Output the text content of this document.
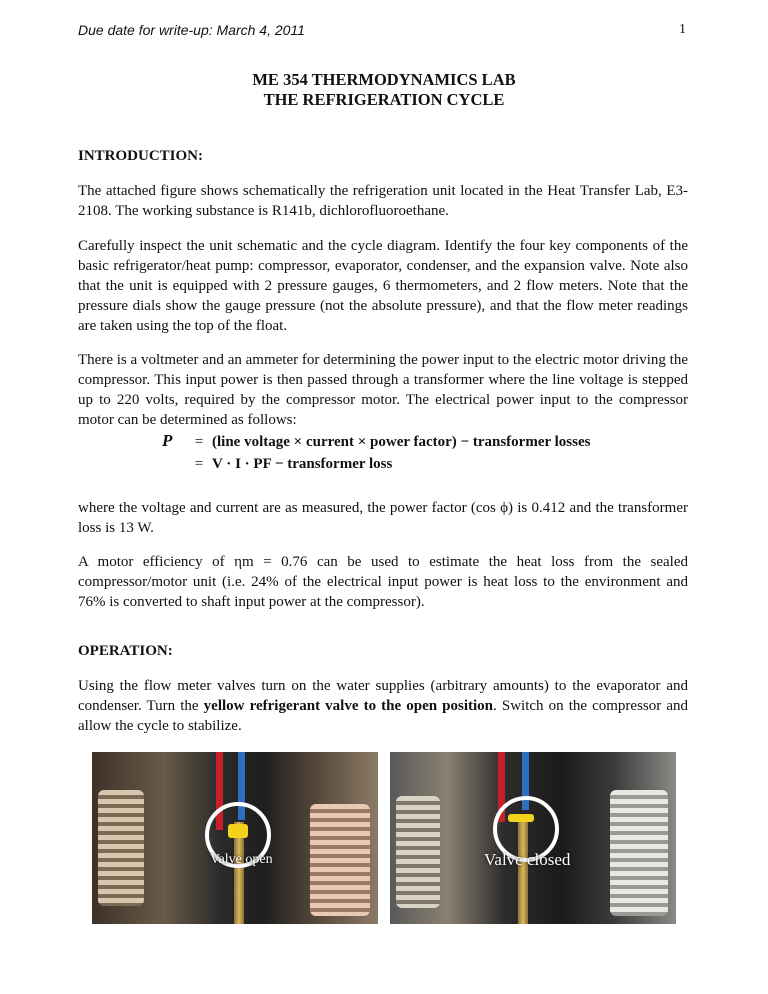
Due date for write-up: March 4, 2011	1
ME 354 THERMODYNAMICS LAB
THE REFRIGERATION CYCLE
INTRODUCTION:

The attached figure shows schematically the refrigeration unit located in the Heat Transfer Lab, E3-2108. The working substance is R141b, dichlorofluoroethane.

Carefully inspect the unit schematic and the cycle diagram. Identify the four key components of the basic refrigerator/heat pump: compressor, evaporator, condenser, and the expansion valve. Note also that the unit is equipped with 2 pressure gauges, 6 thermometers, and 2 flow meters. Note that the pressure dials show the gauge pressure (not the absolute pressure), and that the flow meter readings are taken using the top of the float.

There is a voltmeter and an ammeter for determining the power input to the electric motor driving the compressor. This input power is then passed through a transformer where the line voltage is stepped up to 220 volts, required by the compressor motor. The electrical power input to the compressor motor can be determined as follows:

P = (line voltage × current × power factor) − transformer losses
= V · I · PF − transformer loss

where the voltage and current are as measured, the power factor (cos ϕ) is 0.412 and the transformer loss is 13 W.

A motor efficiency of ηm = 0.76 can be used to estimate the heat loss from the sealed compressor/motor unit (i.e. 24% of the electrical input power is heat loss to the environment and 76% is converted to shaft input power at the compressor).

OPERATION:

Using the flow meter valves turn on the water supplies (arbitrary amounts) to the evaporator and condenser. Turn the yellow refrigerant valve to the open position. Switch on the compressor and allow the cycle to stabilize.

Valve open	Valve closed
